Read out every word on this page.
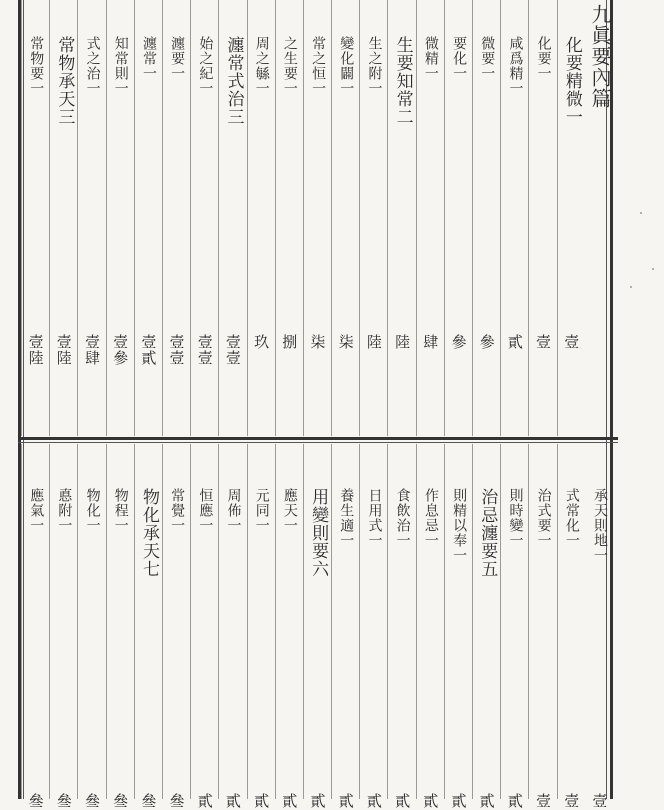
九眞要內篇
化要精微一
壹
化要一
壹
咸爲精一
貳
微要一
參
要化一
參
微精一
肆
生要知常二
陸
生之附一
陸
變化闢一
柒
常之恒一
柒
之生要一
捌
周之緐一
玖
瀍常式治三
壹壹
始之紀一
壹壹
瀍要一
壹壹
瀍常一
壹貳
知常則一
壹參
式之治一
壹肆
常物承天三
壹陸
常物要一
壹陸
承天則地一
壹
式常化一
壹
治式要一
壹
則時變一
貳
治忌瀍要五
貳
則精以奉一
貳
作息忌一
貳
食飲治一
貳
日用式一
貳
養生適一
貳
用變則要六
貳
應天一
貳
元同一
貳
周佈一
貳
恒應一
貳
常覺一
叄
物化承天七
叄
物程一
叄
物化一
叄
悳附一
叄
應氣一
叄
